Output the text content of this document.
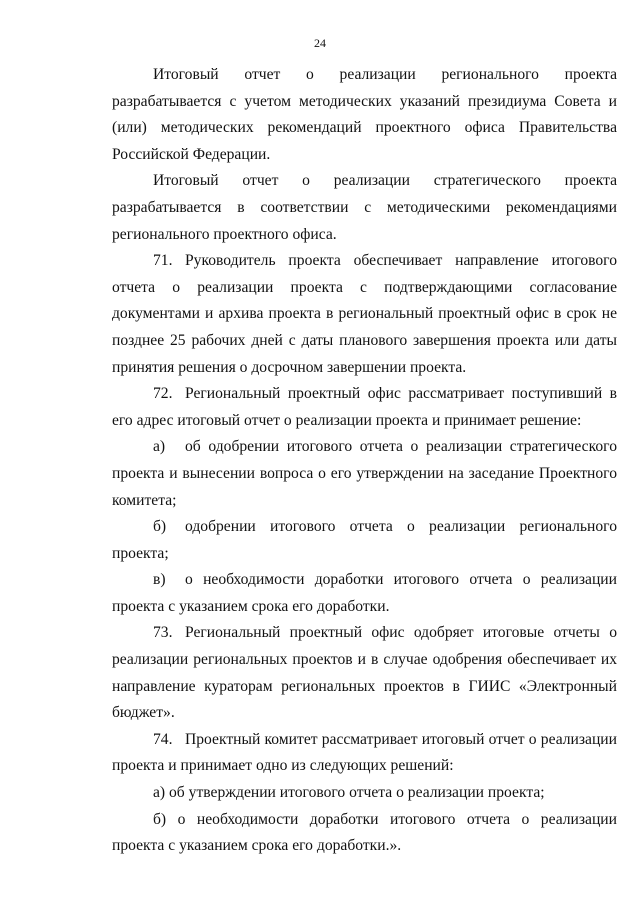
24

Итоговый отчет о реализации регионального проекта разрабатывается с учетом методических указаний президиума Совета и (или) методических рекомендаций проектного офиса Правительства Российской Федерации.

Итоговый отчет о реализации стратегического проекта разрабатывается в соответствии с методическими рекомендациями регионального проектного офиса.

71. Руководитель проекта обеспечивает направление итогового отчета о реализации проекта с подтверждающими согласование документами и архива проекта в региональный проектный офис в срок не позднее 25 рабочих дней с даты планового завершения проекта или даты принятия решения о досрочном завершении проекта.

72. Региональный проектный офис рассматривает поступивший в его адрес итоговый отчет о реализации проекта и принимает решение:

а) об одобрении итогового отчета о реализации стратегического проекта и вынесении вопроса о его утверждении на заседание Проектного комитета;

б) одобрении итогового отчета о реализации регионального проекта;

в) о необходимости доработки итогового отчета о реализации проекта с указанием срока его доработки.

73. Региональный проектный офис одобряет итоговые отчеты о реализации региональных проектов и в случае одобрения обеспечивает их направление кураторам региональных проектов в ГИИС «Электронный бюджет».

74. Проектный комитет рассматривает итоговый отчет о реализации проекта и принимает одно из следующих решений:

а) об утверждении итогового отчета о реализации проекта;

б) о необходимости доработки итогового отчета о реализации проекта с указанием срока его доработки.».
